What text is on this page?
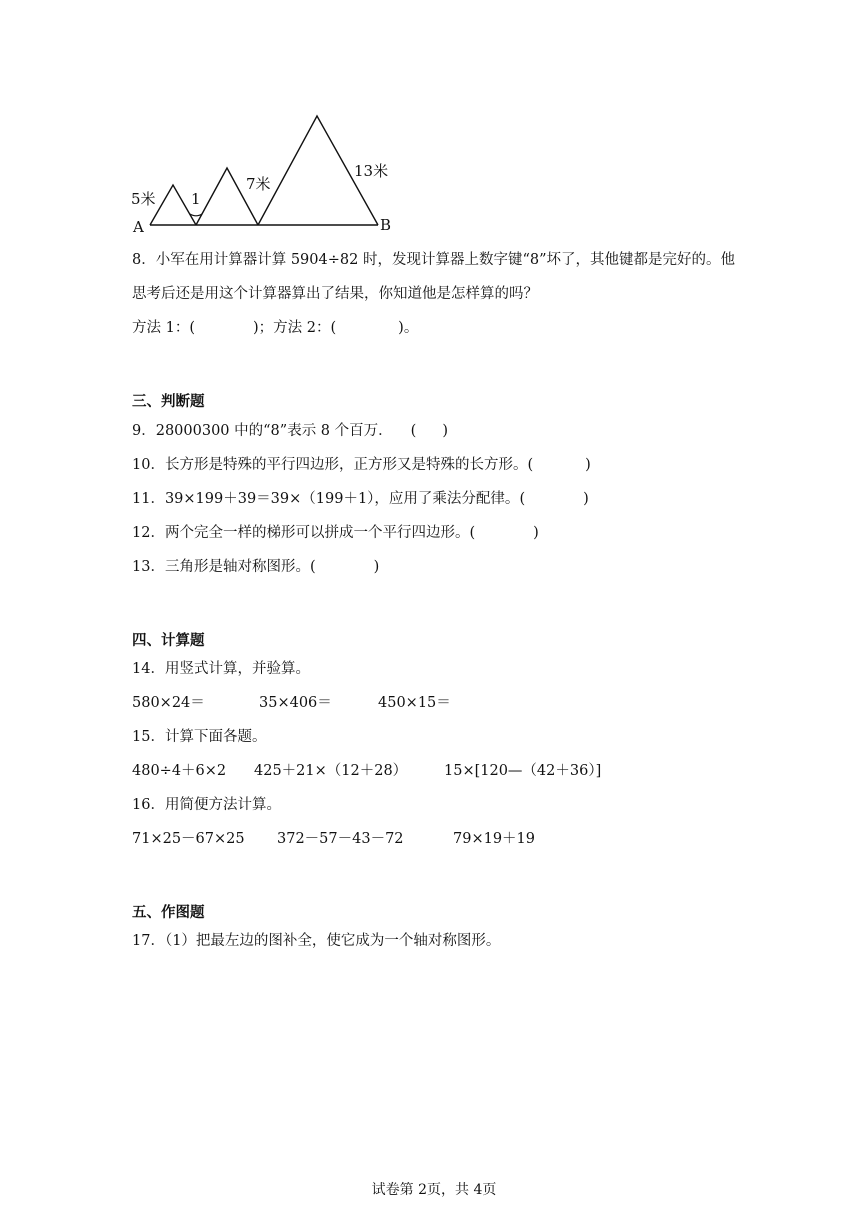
5米 1
7米
13米
A	B
8．小军在用计算器计算 5904÷82 时，发现计算器上数字键“8”坏了，其他键都是完好的。他
思考后还是用这个计算器算出了结果，你知道他是怎样算的吗？
方法 1：(	)；方法 2：(	)。
三、判断题
9．28000300 中的“8”表示 8 个百万． ( )
10．长方形是特殊的平行四边形，正方形又是特殊的长方形。(	)
11．39×199＋39＝39×（199＋1），应用了乘法分配律。(	)
12．两个完全一样的梯形可以拼成一个平行四边形。(	)
13．三角形是轴对称图形。(	)
四、计算题
14．用竖式计算，并验算。
580×24＝	35×406＝	450×15＝
15．计算下面各题。
480÷4＋6×2 425＋21×（12＋28）	15×[120—（42＋36）]
16．用简便方法计算。
71×25－67×25 372－57－43－72	79×19＋19
五、作图题
17．（1）把最左边的图补全，使它成为一个轴对称图形。
试卷第 2页，共 4页
